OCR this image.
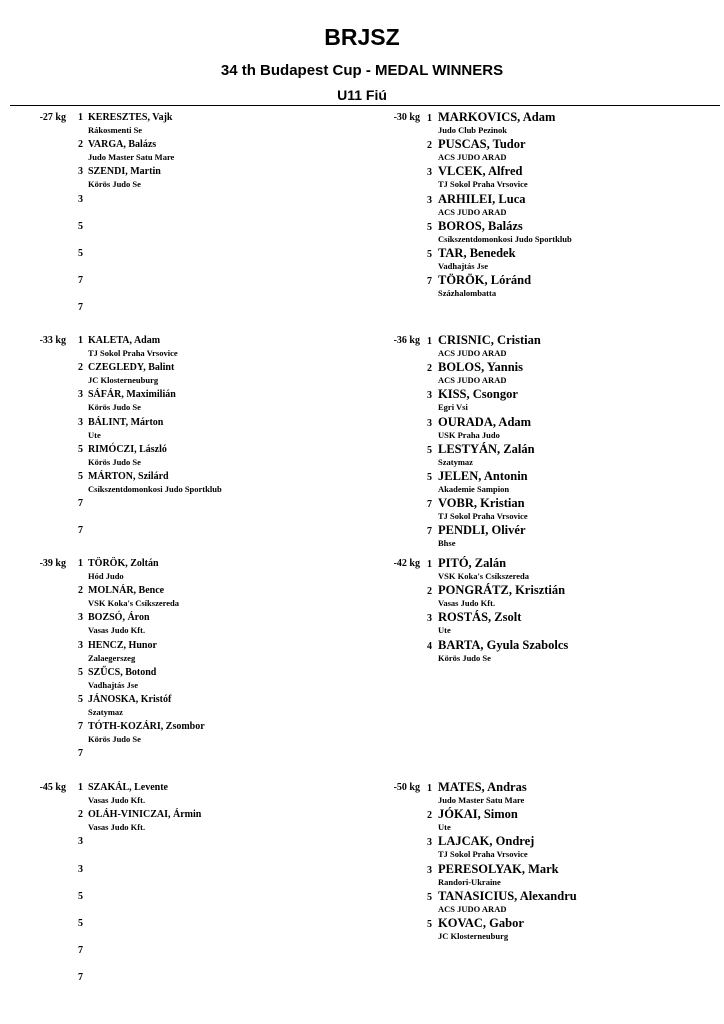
BRJSZ
34 th Budapest Cup - MEDAL WINNERS
U11 Fiú
-27 kg 1 KERESZTES, Vajk
Rákosmenti Se
2 VARGA, Balázs
Judo Master Satu Mare
3 SZENDI, Martin
Körös Judo Se
3
5
5
7
7
-30 kg 1 MARKOVICS, Adam
Judo Club Pezinok
2 PUSCAS, Tudor
ACS JUDO ARAD
3 VLCEK, Alfred
TJ Sokol Praha Vrsovice
3 ARHILEI, Luca
ACS JUDO ARAD
5 BOROS, Balázs
Csíkszentdomonkosi Judo Sportklub
5 TAR, Benedek
Vadhajtás Jse
7 TÖRÖK, Lóránd
Százhalombatta
-33 kg 1 KALETA, Adam
TJ Sokol Praha Vrsovice
2 CZEGLEDY, Balint
JC Klosterneuburg
3 SÁFÁR, Maximilián
Körös Judo Se
3 BÁLINT, Márton
Ute
5 RIMÓCZI, László
Körös Judo Se
5 MÁRTON, Szilárd
Csíkszentdomonkosi Judo Sportklub
7
7
-36 kg 1 CRISNIC, Cristian
ACS JUDO ARAD
2 BOLOS, Yannis
ACS JUDO ARAD
3 KISS, Csongor
Egri Vsi
3 OURADA, Adam
USK Praha Judo
5 LESTYÁN, Zalán
Szatymaz
5 JELEN, Antonin
Akademie Sampion
7 VOBR, Kristian
TJ Sokol Praha Vrsovice
7 PENDLI, Olivér
Bhse
-39 kg 1 TÖRÖK, Zoltán
Hód Judo
2 MOLNÁR, Bence
VSK Koka's Csíkszereda
3 BOZSÓ, Áron
Vasas Judo Kft.
3 HENCZ, Hunor
Zalaegerszeg
5 SZŰCS, Botond
Vadhajtás Jse
5 JÁNOSKA, Kristóf
Szatymaz
7 TÓTH-KOZÁRI, Zsombor
Körös Judo Se
7
-42 kg 1 PITÓ, Zalán
VSK Koka's Csíkszereda
2 PONGRÁTZ, Krisztián
Vasas Judo Kft.
3 ROSTÁS, Zsolt
Ute
4 BARTA, Gyula Szabolcs
Körös Judo Se
-45 kg 1 SZAKÁL, Levente
Vasas Judo Kft.
2 OLÁH-VINICZAI, Ármin
Vasas Judo Kft.
3
3
5
5
7
7
-50 kg 1 MATES, Andras
Judo Master Satu Mare
2 JÓKAI, Simon
Ute
3 LAJCAK, Ondrej
TJ Sokol Praha Vrsovice
3 PERESOLYAK, Mark
Randori-Ukraine
5 TANASICIUS, Alexandru
ACS JUDO ARAD
5 KOVAC, Gabor
JC Klosterneuburg
